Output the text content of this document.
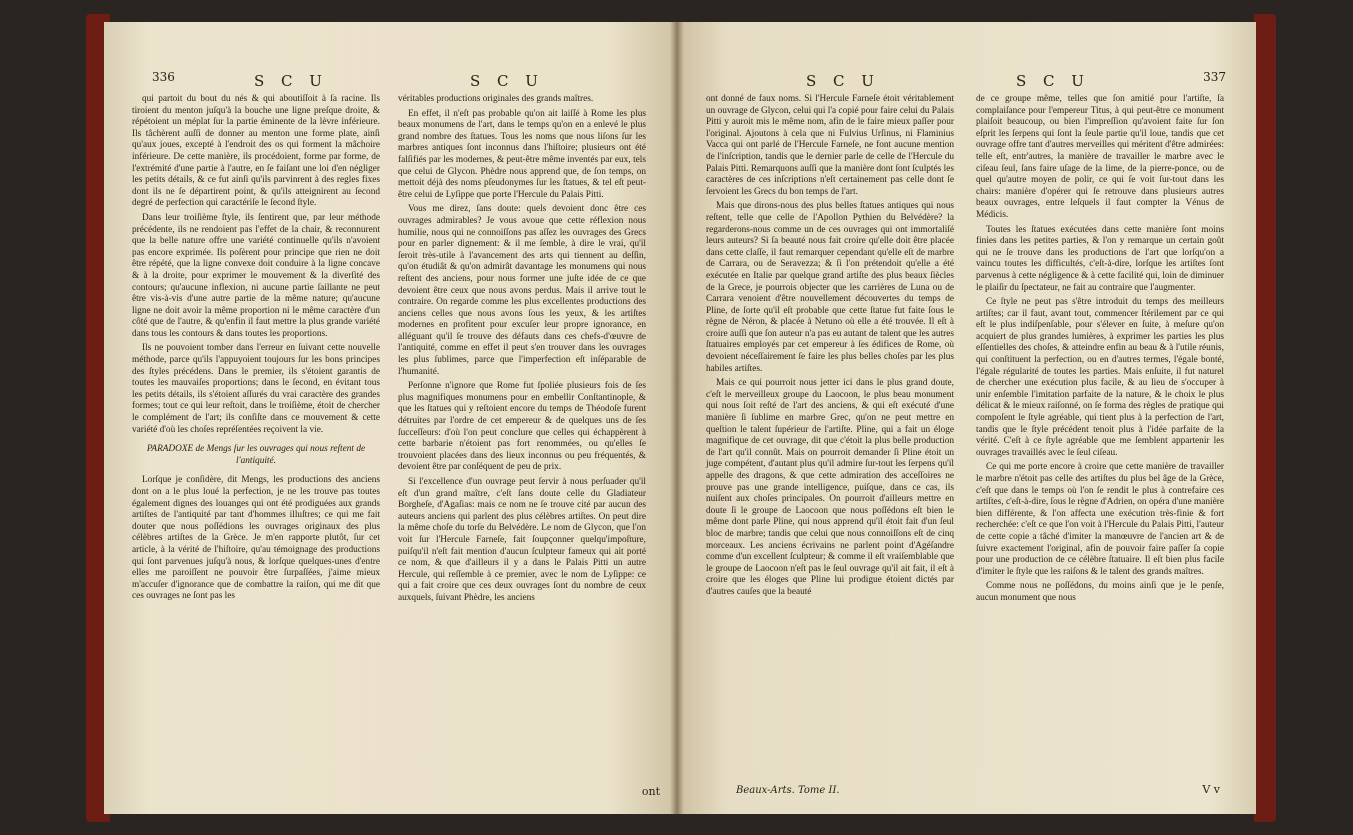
336	S C U	S C U

qui partoit du bout du nés & qui aboutiſſoit à ſa racine. Ils tiroient du menton juſqu'à la bouche une ligne preſque droite, & répétoient un méplat ſur la partie éminente de la lèvre inférieure. Ils tâchèrent auſſi de donner au menton une forme plate, ainſi qu'aux joues, excepté à l'endroit des os qui forment la mâchoire inférieure. De cette manière, ils procédoient, forme par forme, de l'extrémité d'une partie à l'autre, en ſe faiſant une loi d'en négliger les petits détails, & ce fut ainſi qu'ils parvinrent à des regles fixes dont ils ne ſe départirent point, & qu'ils atteignirent au ſecond degré de perfection qui caractériſe le ſecond ſtyle.

Dans leur troiſième ſtyle, ils ſentirent que, par leur méthode précédente, ils ne rendoient pas l'effet de la chair, & reconnurent que la belle nature offre une variété continuelle qu'ils n'avoient pas encore exprimée. Ils poſèrent pour principe que rien ne doit être répété, que la ligne convexe doit conduire à la ligne concave & à la droite, pour exprimer le mouvement & la diverſité des contours; qu'aucune inflexion, ni aucune partie ſaillante ne peut être vis-à-vis d'une autre partie de la même nature; qu'aucune ligne ne doit avoir la même proportion ni le même caractère d'un côté que de l'autre, & qu'enfin il faut mettre la plus grande variété dans tous les contours & dans toutes les proportions.

Ils ne pouvoient tomber dans l'erreur en ſuivant cette nouvelle méthode, parce qu'ils l'appuyoient toujours ſur les bons principes des ſtyles précédens. Dans le premier, ils s'étoient garantis de toutes les mauvaiſes proportions; dans le ſecond, en évitant tous les petits détails, ils s'étoient aſſurés du vrai caractère des grandes formes; tout ce qui leur reſtoit, dans le troiſième, étoit de chercher le complément de l'art; ils conſiſte dans ce mouvement & cette variété d'où les choſes repréſentées reçoivent la vie.

PARADOXE de Mengs ſur les ouvrages qui nous reſtent de l'antiquité.

Lorſque je conſidère, dit Mengs, les productions des anciens dont on a le plus loué la perfection, je ne les trouve pas toutes également dignes des louanges qui ont été prodiguées aux grands artiſtes de l'antiquité par tant d'hommes illuſtres; ce qui me fait douter que nous poſſédions les ouvrages originaux des plus célèbres artiſtes de la Grèce. Je m'en rapporte plutôt, ſur cet article, à la vérité de l'hiſtoire, qu'au témoignage des productions qui ſont parvenues juſqu'à nous, & lorſque quelques-unes d'entre elles me paroiſſent ne pouvoir être ſurpaſſées, j'aime mieux m'accuſer d'ignorance que de combattre la raiſon, qui me dit que ces ouvrages ne ſont pas les

véritables productions originales des grands maîtres.

En effet, il n'eſt pas probable qu'on ait laiſſé à Rome les plus beaux monumens de l'art, dans le temps qu'on en a enlevé le plus grand nombre des ſtatues. Tous les noms que nous liſons ſur les marbres antiques ſont inconnus dans l'hiſtoire; plusieurs ont été falſifiés par les modernes, & peut-être même inventés par eux, tels que celui de Glycon. Phèdre nous apprend que, de ſon temps, on mettoit déjà des noms pſeudonymes ſur les ſtatues, & tel eſt peut-être celui de Lyſippe que porte l'Hercule du Palais Pitti.

Vous me direz, ſans doute: quels devoient donc être ces ouvrages admirables? Je vous avoue que cette réflexion nous humilie, nous qui ne connoiſſons pas aſſez les ouvrages des Grecs pour en parler dignement: & il me ſemble, à dire le vrai, qu'il ſeroit très-utile à l'avancement des arts qui tiennent au deſſin, qu'on étudiât & qu'on admirât davantage les monumens qui nous reſtent des anciens, pour nous former une juſte idée de ce que devoient être ceux que nous avons perdus. Mais il arrive tout le contraire. On regarde comme les plus excellentes productions des anciens celles que nous avons ſous les yeux, & les artiſtes modernes en profitent pour excuſer leur propre ignorance, en alléguant qu'il ſe trouve des défauts dans ces chefs-d'œuvre de l'antiquité, comme en effet il peut s'en trouver dans les ouvrages les plus ſublimes, parce que l'imperfection eſt inſéparable de l'humanité.

Perſonne n'ignore que Rome fut ſpoliée plusieurs fois de ſes plus magnifiques monumens pour en embellir Conſtantinople, & que les ſtatues qui y reſtoient encore du temps de Théodoſe furent détruites par l'ordre de cet empereur & de quelques uns de ſes ſucceſſeurs: d'où l'on peut conclure que celles qui échappèrent à cette barbarie n'étoient pas fort renommées, ou qu'elles ſe trouvoient placées dans des lieux inconnus ou peu fréquentés, & devoient être par conſéquent de peu de prix.

Si l'excellence d'un ouvrage peut ſervir à nous perſuader qu'il eſt d'un grand maître, c'eſt ſans doute celle du Gladiateur Borgheſe, d'Agaſias: mais ce nom ne ſe trouve cité par aucun des auteurs anciens qui parlent des plus célèbres artiſtes. On peut dire la même choſe du torſe du Belvédère. Le nom de Glycon, que l'on voit ſur l'Hercule Farneſe, fait ſoupçonner quelqu'impoſture, puiſqu'il n'eſt fait mention d'aucun ſculpteur fameux qui ait porté ce nom, & que d'ailleurs il y a dans le Palais Pitti un autre Hercule, qui reſſemble à ce premier, avec le nom de Lyſippe: ce qui a fait croire que ces deux ouvrages ſont du nombre de ceux auxquels, ſuivant Phèdre, les anciens

ont
S C U	S C U	337

ont donné de faux noms. Si l'Hercule Farneſe étoit véritablement un ouvrage de Glycon, celui qui l'a copié pour faire celui du Palais Pitti y auroit mis le même nom, afin de le faire mieux paſſer pour l'original. Ajoutons à cela que ni Fulvius Urſinus, ni Flaminius Vacca qui ont parlé de l'Hercule Farneſe, ne font aucune mention de l'inſcription, tandis que le dernier parle de celle de l'Hercule du Palais Pitti. Remarquons auſſi que la manière dont ſont ſculptés les caractères de ces inſcriptions n'eſt certainement pas celle dont ſe ſervoient les Grecs du bon temps de l'art.

Mais que dirons-nous des plus belles ſtatues antiques qui nous reſtent, telle que celle de l'Apollon Pythien du Belvédère? la regarderons-nous comme un de ces ouvrages qui ont immortaliſé leurs auteurs? Si ſa beauté nous fait croire qu'elle doit être placée dans cette claſſe, il faut remarquer cependant qu'elle eſt de marbre de Carrara, ou de Seravezza; & ſi l'on prétendoit qu'elle a été exécutée en Italie par quelque grand artiſte des plus beaux ſiècles de la Grece, je pourrois objecter que les carrières de Luna ou de Carrara venoient d'être nouvellement découvertes du temps de Pline, de ſorte qu'il eſt probable que cette ſtatue fut faite ſous le règne de Néron, & placée à Netuno où elle a été trouvée. Il eſt à croire auſſi que ſon auteur n'a pas eu autant de talent que les autres ſtatuaires employés par cet empereur à ſes édifices de Rome, où devoient néceſſairement ſe faire les plus belles choſes par les plus habiles artiſtes.

Mais ce qui pourroit nous jetter ici dans le plus grand doute, c'eſt le merveilleux groupe du Laocoon, le plus beau monument qui nous ſoit reſté de l'art des anciens, & qui eſt exécuté d'une manière ſi ſublime en marbre Grec, qu'on ne peut mettre en queſtion le talent ſupérieur de l'artiſte. Pline, qui a fait un éloge magnifique de cet ouvrage, dit que c'étoit la plus belle production de l'art qu'il connût. Mais on pourroit demander ſi Pline étoit un juge compétent, d'autant plus qu'il admire ſur-tout les ſerpens qu'il appelle des dragons, & que cette admiration des acceſſoires ne prouve pas une grande intelligence, puiſque, dans ce cas, ils nuiſent aux choſes principales. On pourroit d'ailleurs mettre en doute ſi le groupe de Laocoon que nous poſſédons eſt bien le même dont parle Pline, qui nous apprend qu'il étoit fait d'un ſeul bloc de marbre; tandis que celui que nous connoiſſons eſt de cinq morceaux. Les anciens écrivains ne parlent point d'Agéſandre comme d'un excellent ſculpteur; & comme il eſt vraiſemblable que le groupe de Laocoon n'eſt pas le ſeul ouvrage qu'il ait fait, il eſt à croire que les éloges que Pline lui prodigue étoient dictés par d'autres cauſes que la beauté

Beaux-Arts. Tome II.

de ce groupe même, telles que ſon amitié pour l'artiſte, ſa complaiſance pour l'empereur Titus, à qui peut-être ce monument plaiſoit beaucoup, ou bien l'impreſſion qu'avoient faite ſur ſon eſprit les ſerpens qui ſont la ſeule partie qu'il loue, tandis que cet ouvrage offre tant d'autres merveilles qui méritent d'être admirées: telle eſt, entr'autres, la manière de travailler le marbre avec le ciſeau ſeul, ſans faire uſage de la lime, de la pierre-ponce, ou de quel qu'autre moyen de polir, ce qui ſe voit ſur-tout dans les chairs: manière d'opérer qui ſe retrouve dans plusieurs autres beaux ouvrages, entre leſquels il faut compter la Vénus de Médicis.

Toutes les ſtatues exécutées dans cette manière ſont moins finies dans les petites parties, & l'on y remarque un certain goût qui ne ſe trouve dans les productions de l'art que lorſqu'on a vaincu toutes les difficultés, c'eſt-à-dire, lorſque les artiſtes ſont parvenus à cette négligence & à cette facilité qui, loin de diminuer le plaiſir du ſpectateur, ne fait au contraire que l'augmenter.

Ce ſtyle ne peut pas s'être introduit du temps des meilleurs artiſtes; car il faut, avant tout, commencer ſtérilement par ce qui eſt le plus indiſpenſable, pour s'élever en ſuite, à meſure qu'on acquiert de plus grandes lumières, à exprimer les parties les plus eſſentielles des choſes, & atteindre enfin au beau & à l'utile réunis, qui conſtituent la perfection, ou en d'autres termes, l'égale bonté, l'égale régularité de toutes les parties. Mais enſuite, il fut naturel de chercher une exécution plus facile, & au lieu de s'occuper à unir enſemble l'imitation parfaite de la nature, & le choix le plus délicat & le mieux raiſonné, on ſe forma des règles de pratique qui compoſent le ſtyle agréable, qui tient plus à la perfection de l'art, tandis que le ſtyle précédent tenoit plus à l'idée parfaite de la vérité. C'eſt à ce ſtyle agréable que me ſemblent appartenir les ouvrages travaillés avec le ſeul ciſeau.

Ce qui me porte encore à croire que cette manière de travailler le marbre n'étoit pas celle des artiſtes du plus bel âge de la Grèce, c'eſt que dans le temps où l'on ſe rendit le plus à contrefaire ces artiſtes, c'eſt-à-dire, ſous le règne d'Adrien, on opéra d'une manière bien différente, & l'on affecta une exécution très-finie & fort recherchée: c'eſt ce que l'on voit à l'Hercule du Palais Pitti, l'auteur de cette copie a tâché d'imiter la manœuvre de l'ancien art & de ſuivre exactement l'original, afin de pouvoir faire paſſer ſa copie pour une production de ce célèbre ſtatuaire. Il eſt bien plus facile d'imiter le ſtyle que les raiſons & le talent des grands maîtres.

Comme nous ne poſſédons, du moins ainſi que je le penſe, aucun monument que nous

V v
